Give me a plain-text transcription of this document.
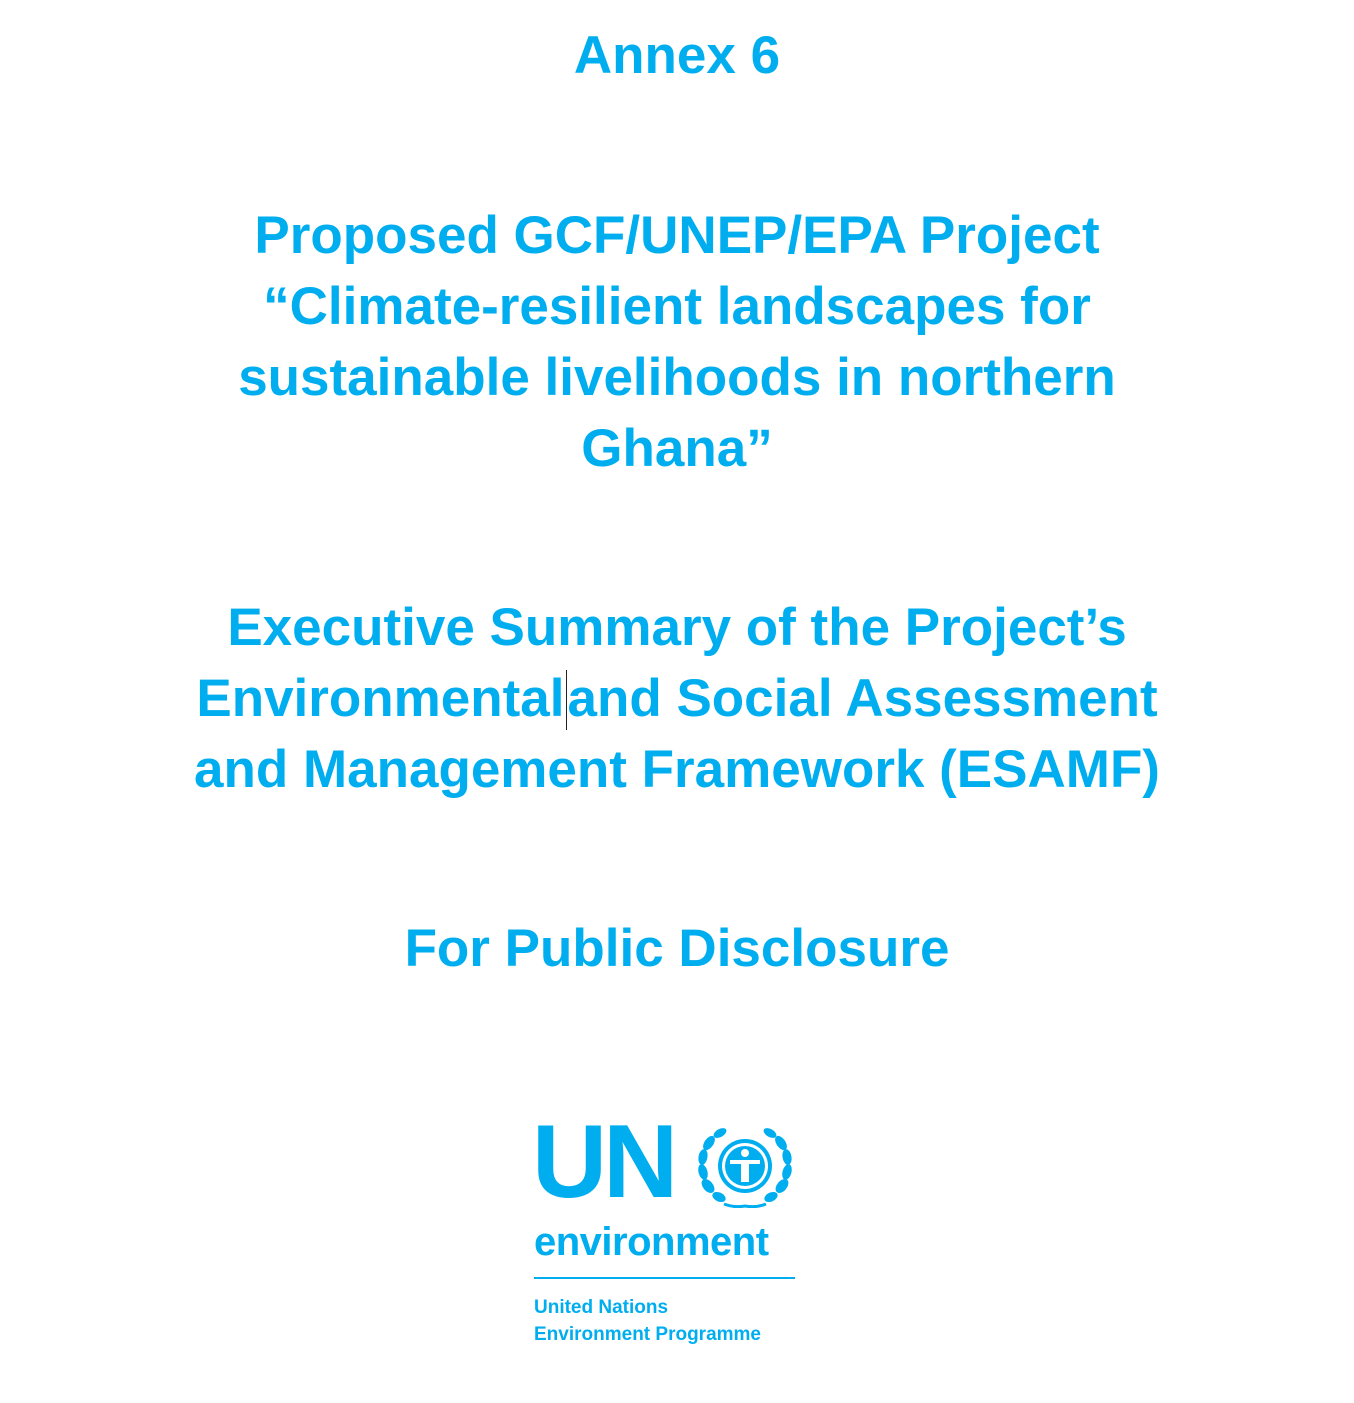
Annex 6
Proposed GCF/UNEP/EPA Project
“Climate-resilient landscapes for
sustainable livelihoods in northern
Ghana”
Executive Summary of the Project’s
Environmentaland Social Assessment
and Management Framework (ESAMF)
For Public Disclosure

UN

environment

United Nations
Environment Programme
